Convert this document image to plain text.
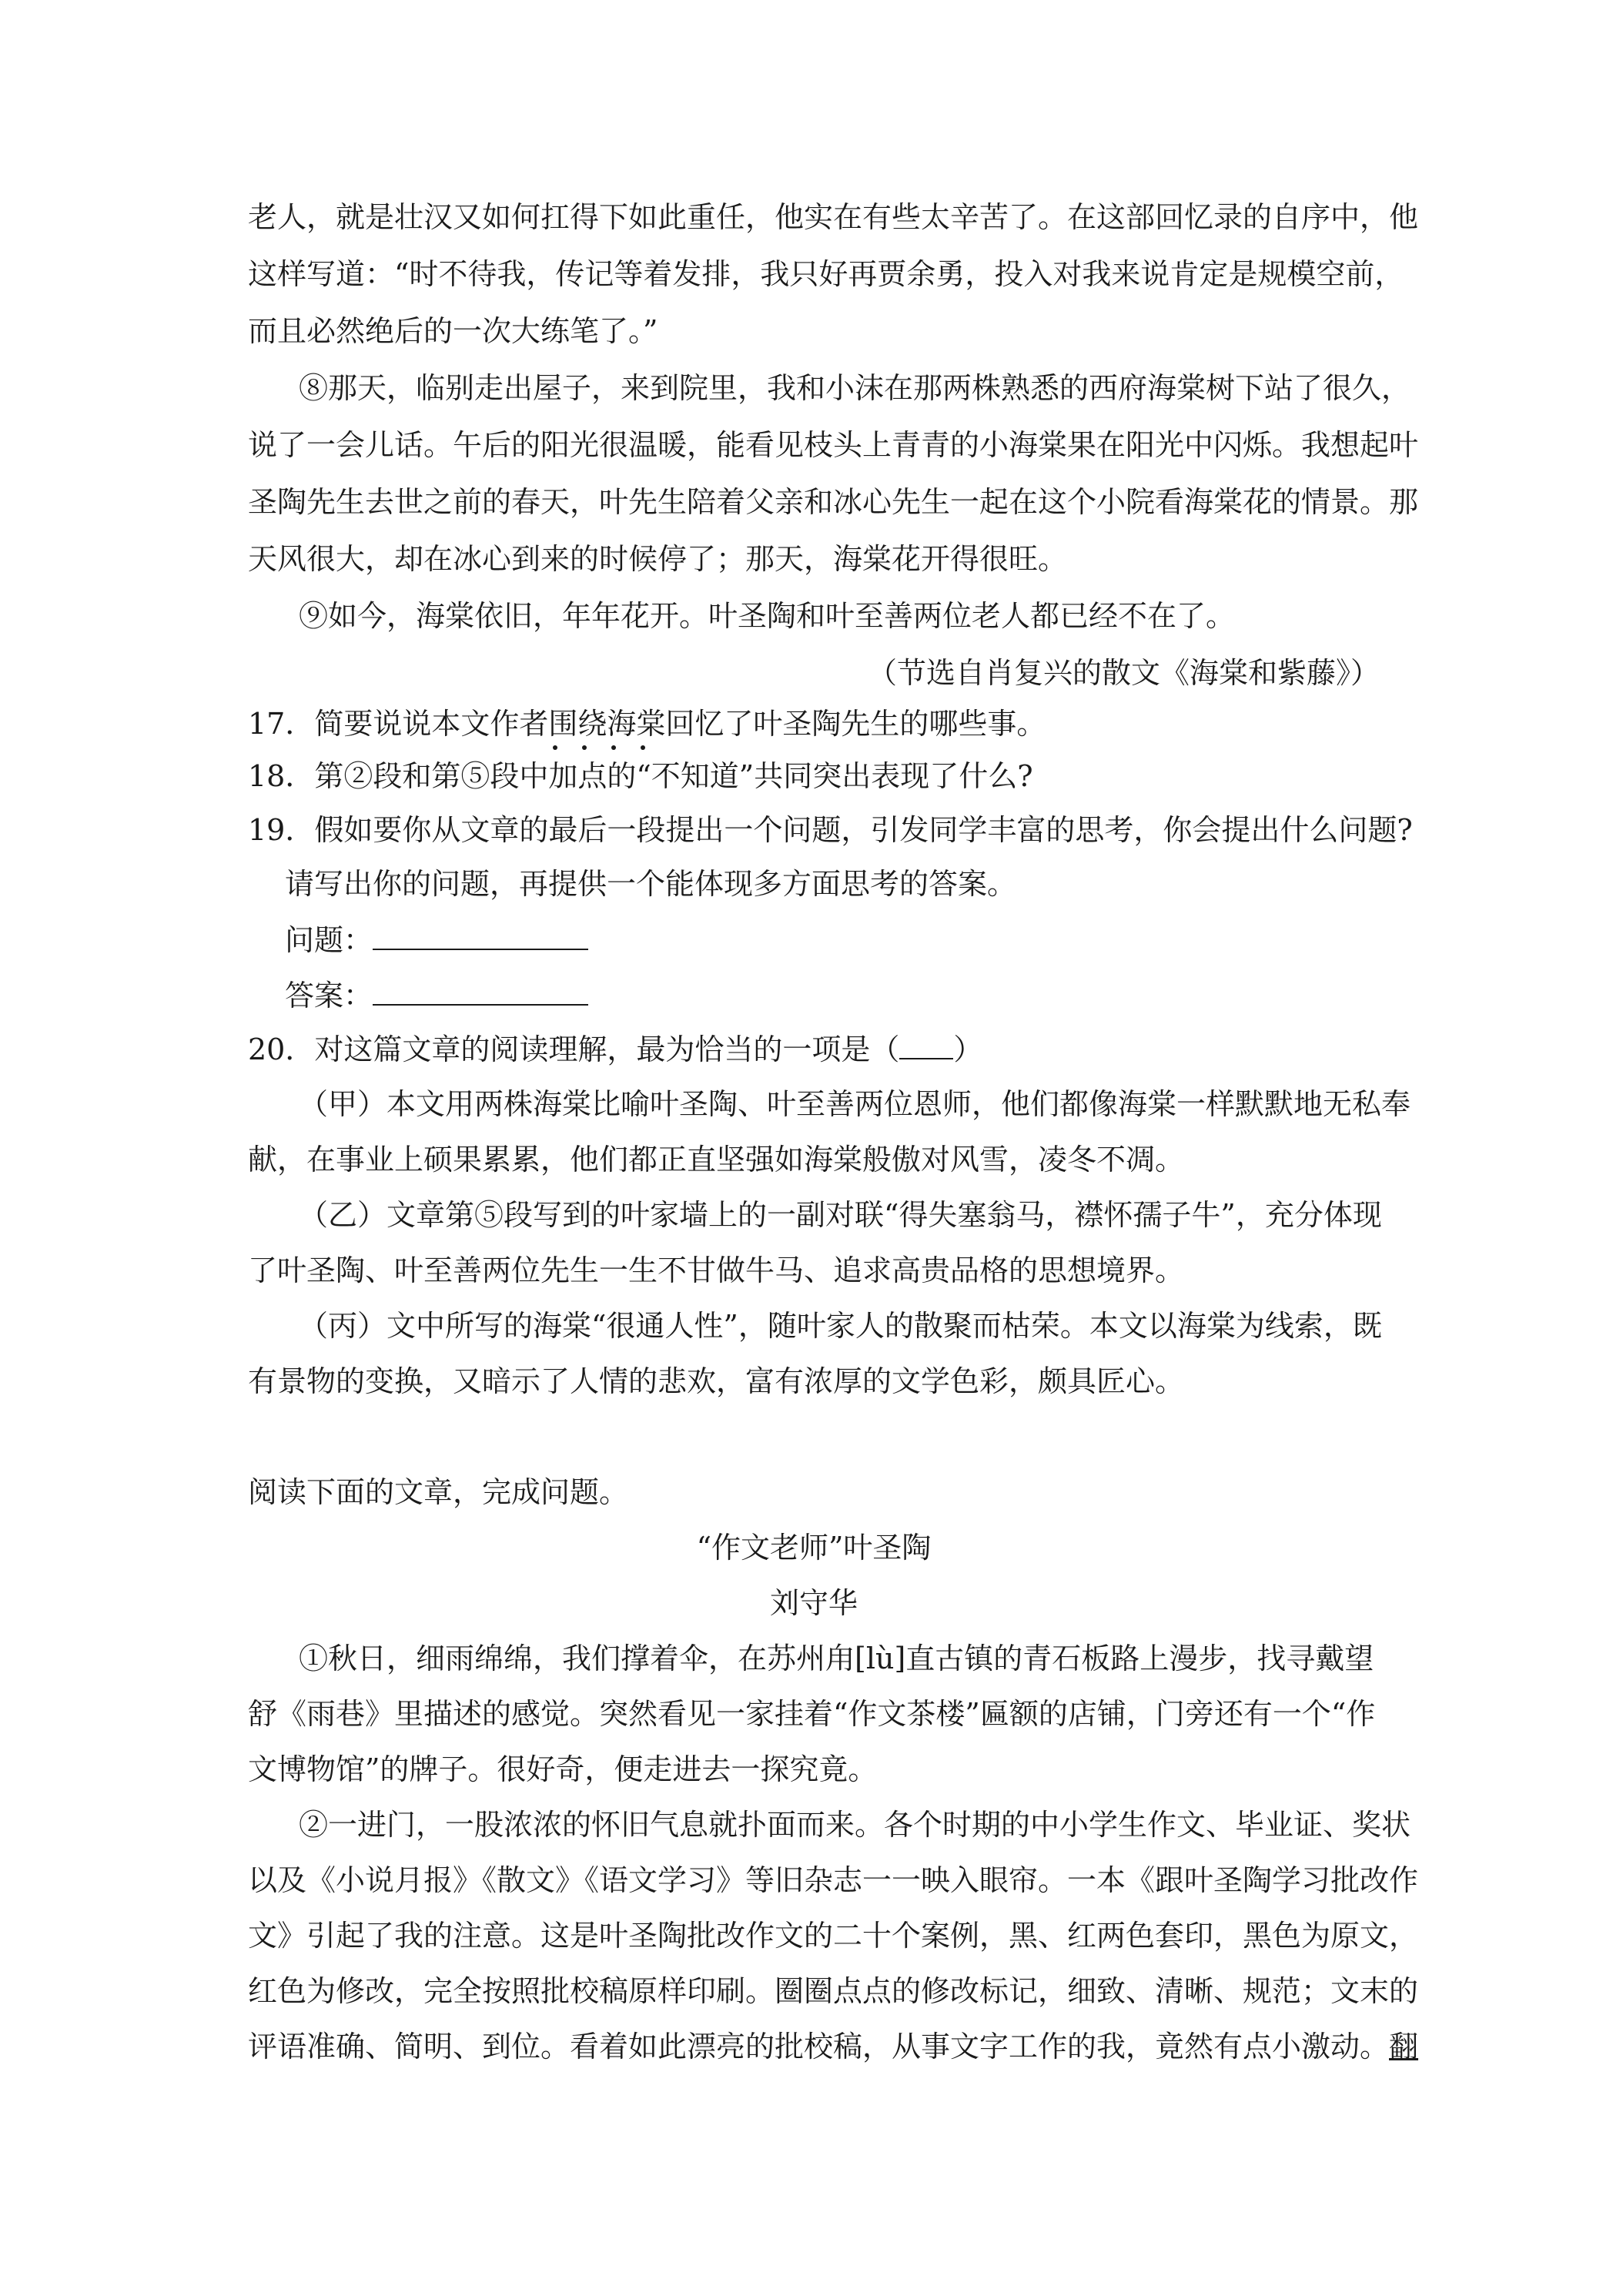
老人，就是壮汉又如何扛得下如此重任，他实在有些太辛苦了。在这部回忆录的自序中，他
这样写道：“时不待我，传记等着发排，我只好再贾余勇，投入对我来说肯定是规模空前，
而且必然绝后的一次大练笔了。”
⑧那天，临别走出屋子，来到院里，我和小沫在那两株熟悉的西府海棠树下站了很久，
说了一会儿话。午后的阳光很温暖，能看见枝头上青青的小海棠果在阳光中闪烁。我想起叶
圣陶先生去世之前的春天，叶先生陪着父亲和冰心先生一起在这个小院看海棠花的情景。那
天风很大，却在冰心到来的时候停了；那天，海棠花开得很旺。
⑨如今，海棠依旧，年年花开。叶圣陶和叶至善两位老人都已经不在了。
（节选自肖复兴的散文《海棠和紫藤》）
17．简要说说本文作者围绕海棠回忆了叶圣陶先生的哪些事。
18．第②段和第⑤段中加点的“不知道”共同突出表现了什么?
19．假如要你从文章的最后一段提出一个问题，引发同学丰富的思考，你会提出什么问题?
请写出你的问题，再提供一个能体现多方面思考的答案。
问题：
答案：
20．对这篇文章的阅读理解，最为恰当的一项是（ ）
（甲）本文用两株海棠比喻叶圣陶、叶至善两位恩师，他们都像海棠一样默默地无私奉
献，在事业上硕果累累，他们都正直坚强如海棠般傲对风雪，凌冬不凋。
（乙）文章第⑤段写到的叶家墙上的一副对联“得失塞翁马，襟怀孺子牛”，充分体现
了叶圣陶、叶至善两位先生一生不甘做牛马、追求高贵品格的思想境界。
（丙）文中所写的海棠“很通人性”，随叶家人的散聚而枯荣。本文以海棠为线索，既
有景物的变换，又暗示了人情的悲欢，富有浓厚的文学色彩，颇具匠心。
阅读下面的文章，完成问题。
“作文老师”叶圣陶
刘守华
①秋日，细雨绵绵，我们撑着伞，在苏州甪[lù]直古镇的青石板路上漫步，找寻戴望
舒《雨巷》里描述的感觉。突然看见一家挂着“作文茶楼”匾额的店铺，门旁还有一个“作
文博物馆”的牌子。很好奇，便走进去一探究竟。
②一进门，一股浓浓的怀旧气息就扑面而来。各个时期的中小学生作文、毕业证、奖状
以及《小说月报》《散文》《语文学习》等旧杂志一一映入眼帘。一本《跟叶圣陶学习批改作
文》引起了我的注意。这是叶圣陶批改作文的二十个案例，黑、红两色套印，黑色为原文，
红色为修改，完全按照批校稿原样印刷。圈圈点点的修改标记，细致、清晰、规范；文末的
评语准确、简明、到位。看着如此漂亮的批校稿，从事文字工作的我，竟然有点小激动。翻
